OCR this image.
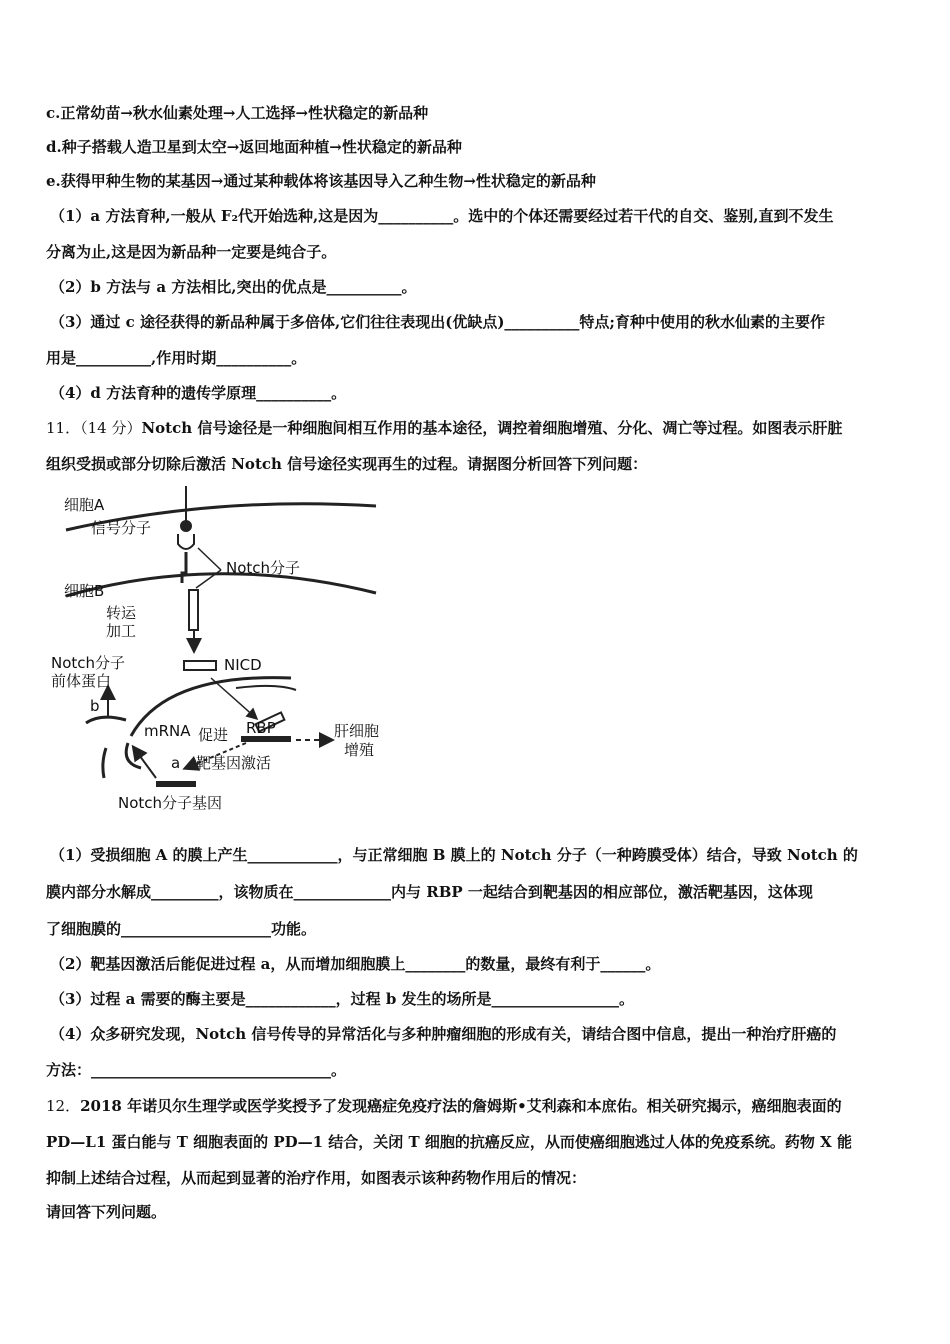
c.正常幼苗→秋水仙素处理→人工选择→性状稳定的新品种
d.种子搭载人造卫星到太空→返回地面种植→性状稳定的新品种
e.获得甲种生物的某基因→通过某种载体将该基因导入乙种生物→性状稳定的新品种
（1）a 方法育种,一般从 F₂代开始选种,这是因为__________。选中的个体还需要经过若干代的自交、鉴别,直到不发生
分离为止,这是因为新品种一定要是纯合子。
（2）b 方法与 a 方法相比,突出的优点是__________。
（3）通过 c 途径获得的新品种属于多倍体,它们往往表现出(优缺点)__________特点;育种中使用的秋水仙素的主要作
用是__________,作用时期__________。
（4）d 方法育种的遗传学原理__________。
11．（14 分）Notch 信号途径是一种细胞间相互作用的基本途径，调控着细胞增殖、分化、凋亡等过程。如图表示肝脏
组织受损或部分切除后激活 Notch 信号途径实现再生的过程。请据图分析回答下列问题：
细胞A
信号分子
Notch分子
细胞B
转运
加工
NICD
Notch分子
前体蛋白
b
mRNA 促进 RBP	肝细胞
增殖
a 靶基因激活
Notch分子基因
（1）受损细胞 A 的膜上产生____________，与正常细胞 B 膜上的 Notch 分子（一种跨膜受体）结合，导致 Notch 的
膜内部分水解成_________，该物质在_____________内与 RBP 一起结合到靶基因的相应部位，激活靶基因，这体现
了细胞膜的____________________功能。
（2）靶基因激活后能促进过程 a，从而增加细胞膜上________的数量，最终有利于______。
（3）过程 a 需要的酶主要是____________，过程 b 发生的场所是_________________。
（4）众多研究发现，Notch 信号传导的异常活化与多种肿瘤细胞的形成有关，请结合图中信息，提出一种治疗肝癌的
方法：________________________________。
12．2018 年诺贝尔生理学或医学奖授予了发现癌症免疫疗法的詹姆斯•艾利森和本庶佑。相关研究揭示，癌细胞表面的
PD—L1 蛋白能与 T 细胞表面的 PD—1 结合，关闭 T 细胞的抗癌反应，从而使癌细胞逃过人体的免疫系统。药物 X 能
抑制上述结合过程，从而起到显著的治疗作用，如图表示该种药物作用后的情况：
请回答下列问题。
